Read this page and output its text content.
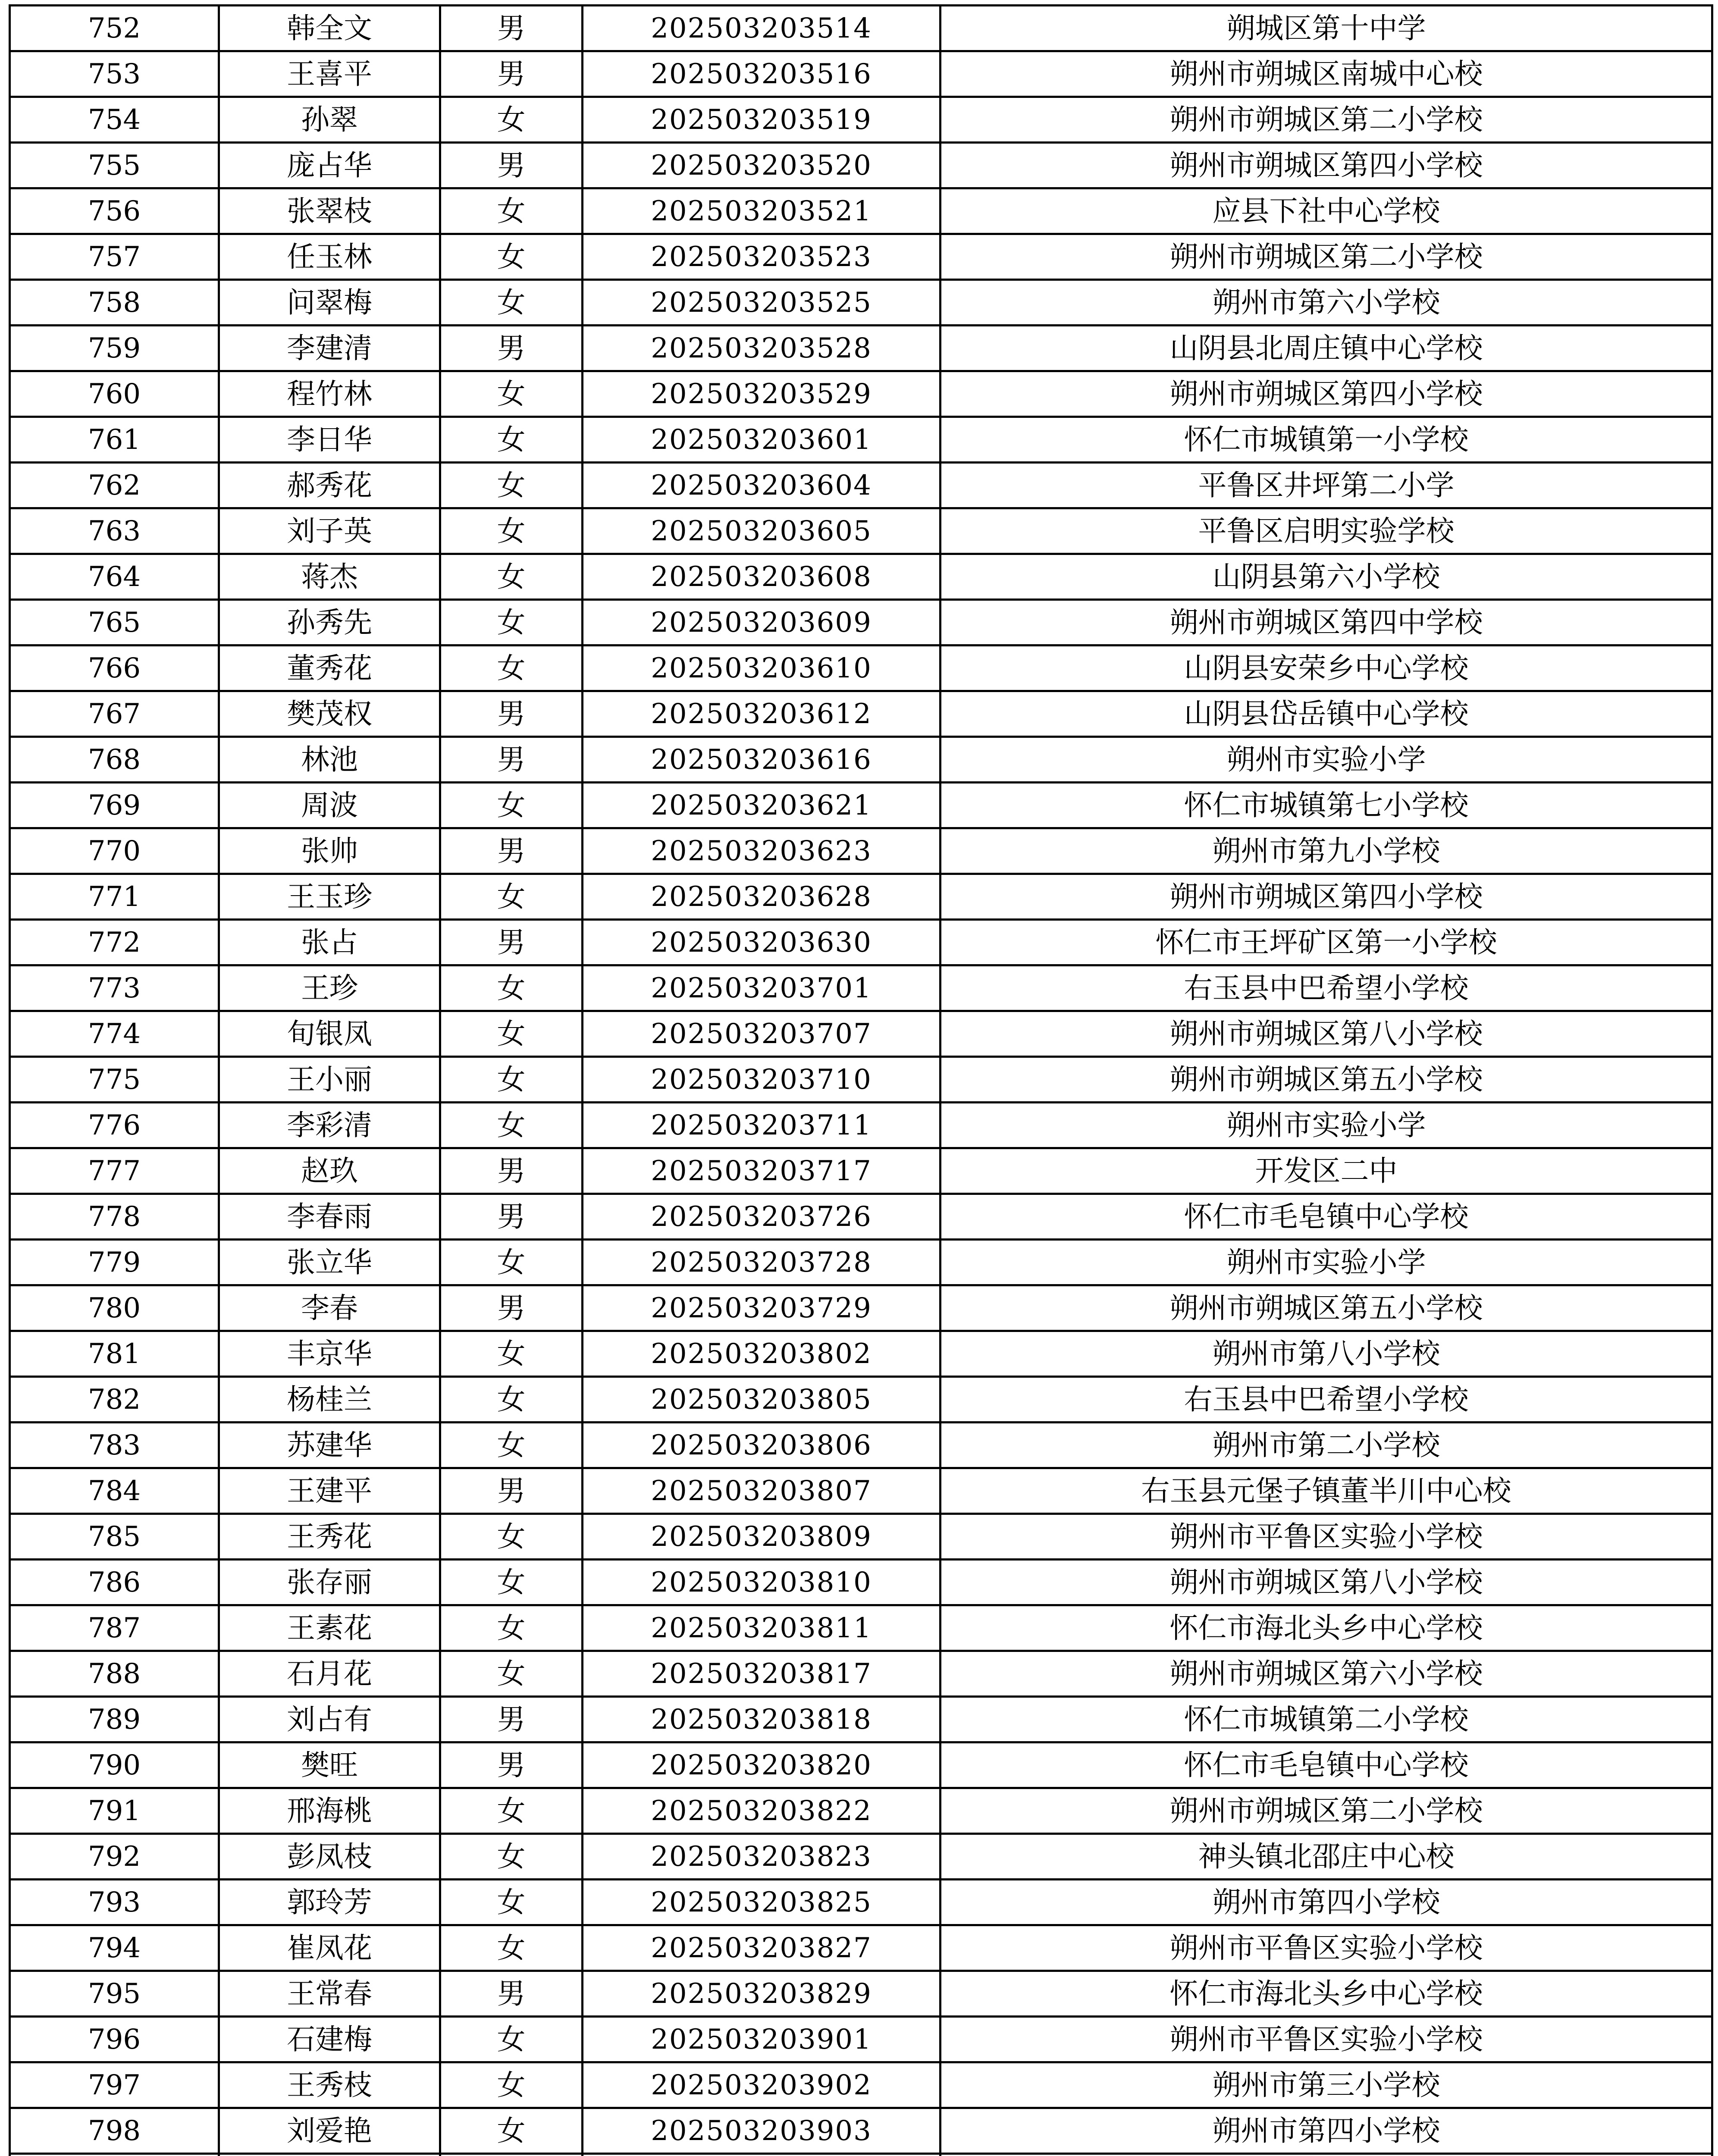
752	韩全文	男	202503203514	朔城区第十中学
753	王喜平	男	202503203516	朔州市朔城区南城中心校
754	孙翠	女	202503203519	朔州市朔城区第二小学校
755	庞占华	男	202503203520	朔州市朔城区第四小学校
756	张翠枝	女	202503203521	应县下社中心学校
757	任玉林	女	202503203523	朔州市朔城区第二小学校
758	问翠梅	女	202503203525	朔州市第六小学校
759	李建清	男	202503203528	山阴县北周庄镇中心学校
760	程竹林	女	202503203529	朔州市朔城区第四小学校
761	李日华	女	202503203601	怀仁市城镇第一小学校
762	郝秀花	女	202503203604	平鲁区井坪第二小学
763	刘子英	女	202503203605	平鲁区启明实验学校
764	蒋杰	女	202503203608	山阴县第六小学校
765	孙秀先	女	202503203609	朔州市朔城区第四中学校
766	董秀花	女	202503203610	山阴县安荣乡中心学校
767	樊茂权	男	202503203612	山阴县岱岳镇中心学校
768	林池	男	202503203616	朔州市实验小学
769	周波	女	202503203621	怀仁市城镇第七小学校
770	张帅	男	202503203623	朔州市第九小学校
771	王玉珍	女	202503203628	朔州市朔城区第四小学校
772	张占	男	202503203630	怀仁市王坪矿区第一小学校
773	王珍	女	202503203701	右玉县中巴希望小学校
774	旬银凤	女	202503203707	朔州市朔城区第八小学校
775	王小丽	女	202503203710	朔州市朔城区第五小学校
776	李彩清	女	202503203711	朔州市实验小学
777	赵玖	男	202503203717	开发区二中
778	李春雨	男	202503203726	怀仁市毛皂镇中心学校
779	张立华	女	202503203728	朔州市实验小学
780	李春	男	202503203729	朔州市朔城区第五小学校
781	丰京华	女	202503203802	朔州市第八小学校
782	杨桂兰	女	202503203805	右玉县中巴希望小学校
783	苏建华	女	202503203806	朔州市第二小学校
784	王建平	男	202503203807	右玉县元堡子镇董半川中心校
785	王秀花	女	202503203809	朔州市平鲁区实验小学校
786	张存丽	女	202503203810	朔州市朔城区第八小学校
787	王素花	女	202503203811	怀仁市海北头乡中心学校
788	石月花	女	202503203817	朔州市朔城区第六小学校
789	刘占有	男	202503203818	怀仁市城镇第二小学校
790	樊旺	男	202503203820	怀仁市毛皂镇中心学校
791	邢海桃	女	202503203822	朔州市朔城区第二小学校
792	彭凤枝	女	202503203823	神头镇北邵庄中心校
793	郭玲芳	女	202503203825	朔州市第四小学校
794	崔凤花	女	202503203827	朔州市平鲁区实验小学校
795	王常春	男	202503203829	怀仁市海北头乡中心学校
796	石建梅	女	202503203901	朔州市平鲁区实验小学校
797	王秀枝	女	202503203902	朔州市第三小学校
798	刘爱艳	女	202503203903	朔州市第四小学校
